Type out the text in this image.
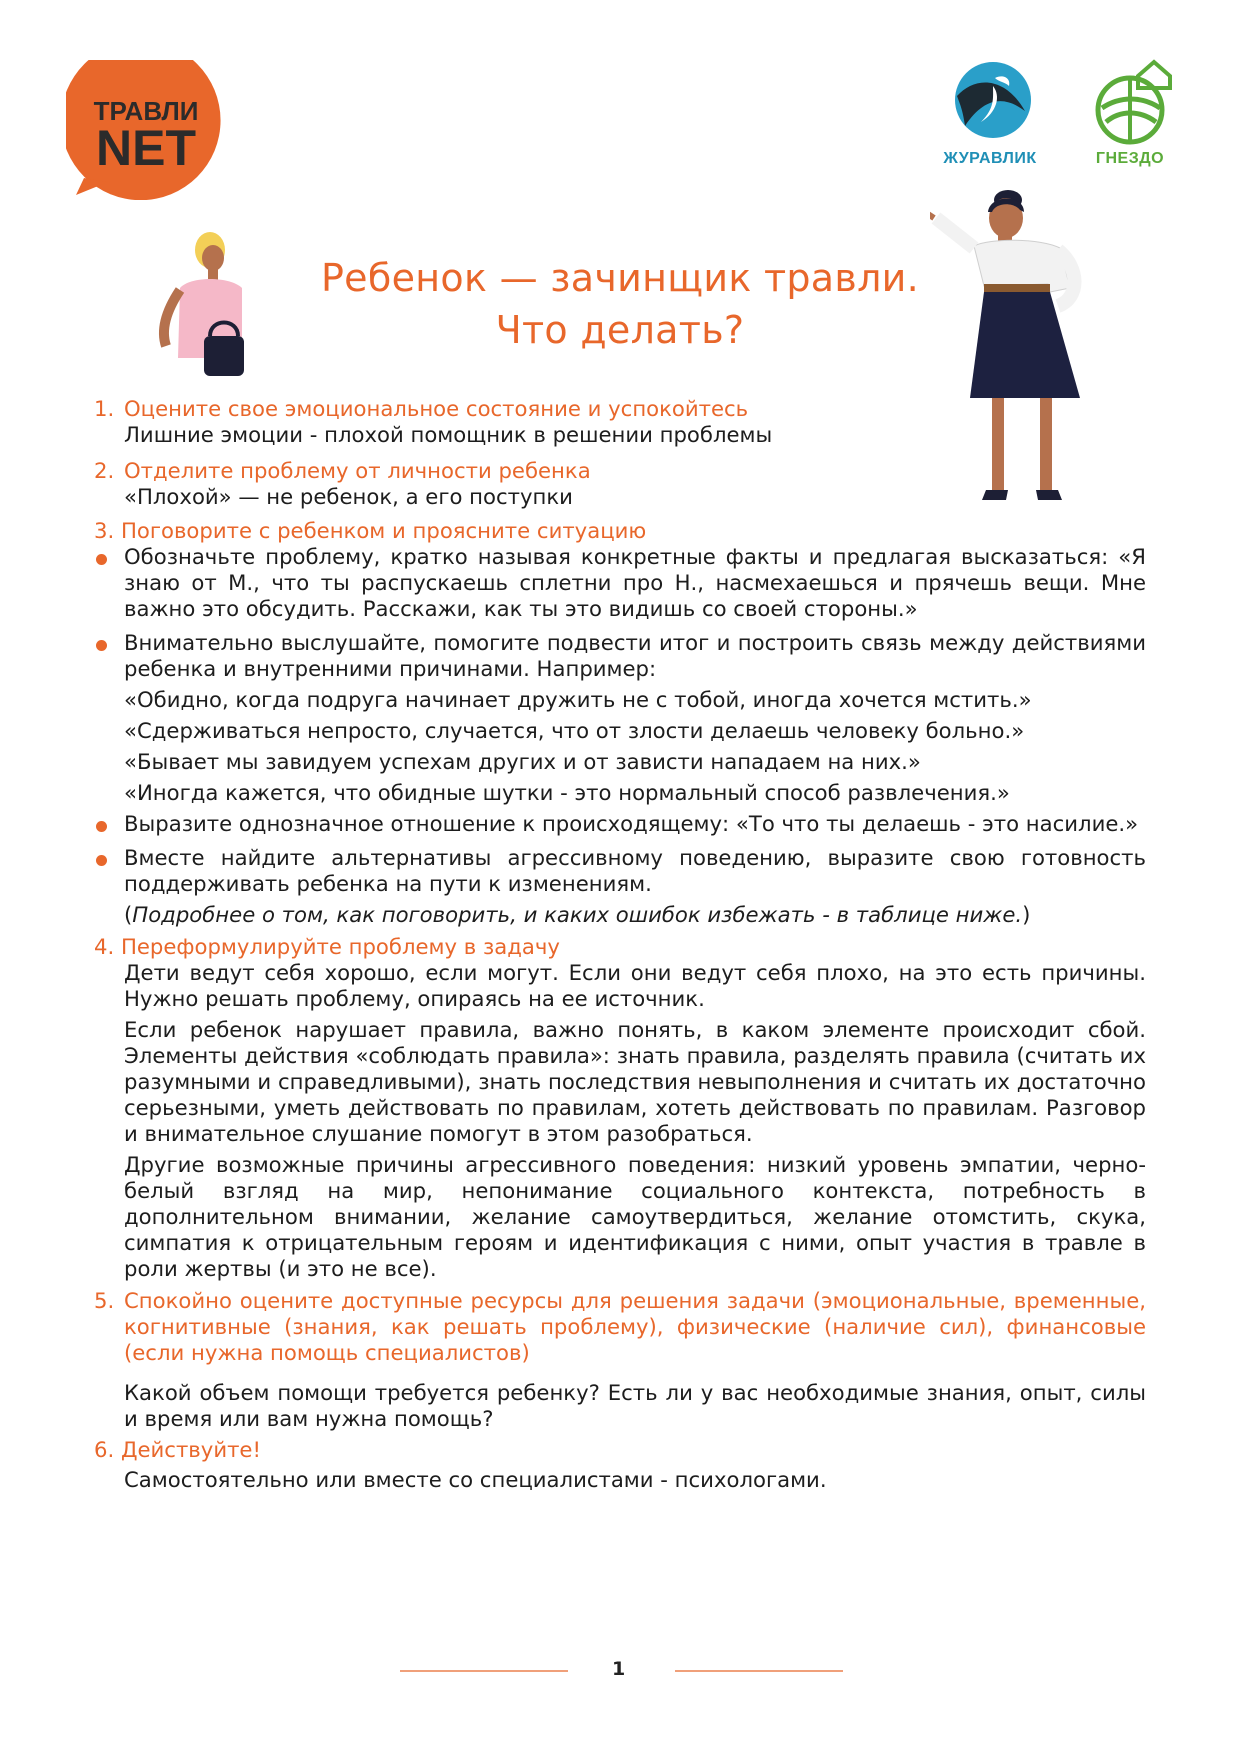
ТРАВЛИ
NET	ЖУРАВЛИК	ГНЕЗДО
Ребенок — зачинщик травли.
Что делать?
1. Оцените свое эмоциональное состояние и успокойтесь
Лишние эмоции - плохой помощник в решении проблемы
2. Отделите проблему от личности ребенка
«Плохой» — не ребенок, а его поступки
3. Поговорите с ребенком и проясните ситуацию
Обозначьте проблему, кратко называя конкретные факты и предлагая высказаться: «Я знаю от М., что ты распускаешь сплетни про Н., насмехаешься и прячешь вещи. Мне важно это обсудить. Расскажи, как ты это видишь со своей стороны.»
Внимательно выслушайте, помогите подвести итог и построить связь между действиями ребенка и внутренними причинами. Например:
«Обидно, когда подруга начинает дружить не с тобой, иногда хочется мстить.»
«Сдерживаться непросто, случается, что от злости делаешь человеку больно.»
«Бывает мы завидуем успехам других и от зависти нападаем на них.»
«Иногда кажется, что обидные шутки - это нормальный способ развлечения.»
Выразите однозначное отношение к происходящему: «То что ты делаешь - это насилие.»
Вместе найдите альтернативы агрессивному поведению, выразите свою готовность поддерживать ребенка на пути к изменениям.
(Подробнее о том, как поговорить, и каких ошибок избежать - в таблице ниже.)
4. Переформулируйте проблему в задачу
Дети ведут себя хорошо, если могут. Если они ведут себя плохо, на это есть причины. Нужно решать проблему, опираясь на ее источник.
Если ребенок нарушает правила, важно понять, в каком элементе происходит сбой. Элементы действия «соблюдать правила»: знать правила, разделять правила (считать их разумными и справедливыми), знать последствия невыполнения и считать их достаточно серьезными, уметь действовать по правилам, хотеть действовать по правилам. Разговор и внимательное слушание помогут в этом разобраться.
Другие возможные причины агрессивного поведения: низкий уровень эмпатии, черно-белый взгляд на мир, непонимание социального контекста, потребность в дополнительном внимании, желание самоутвердиться, желание отомстить, скука, симпатия к отрицательным героям и идентификация с ними, опыт участия в травле в роли жертвы (и это не все).
5. Спокойно оцените доступные ресурсы для решения задачи (эмоциональные, временные, когнитивные (знания, как решать проблему), физические (наличие сил), финансовые (если нужна помощь специалистов)
Какой объем помощи требуется ребенку? Есть ли у вас необходимые знания, опыт, силы и время или вам нужна помощь?
6. Действуйте!
Самостоятельно или вместе со специалистами - психологами.
1
